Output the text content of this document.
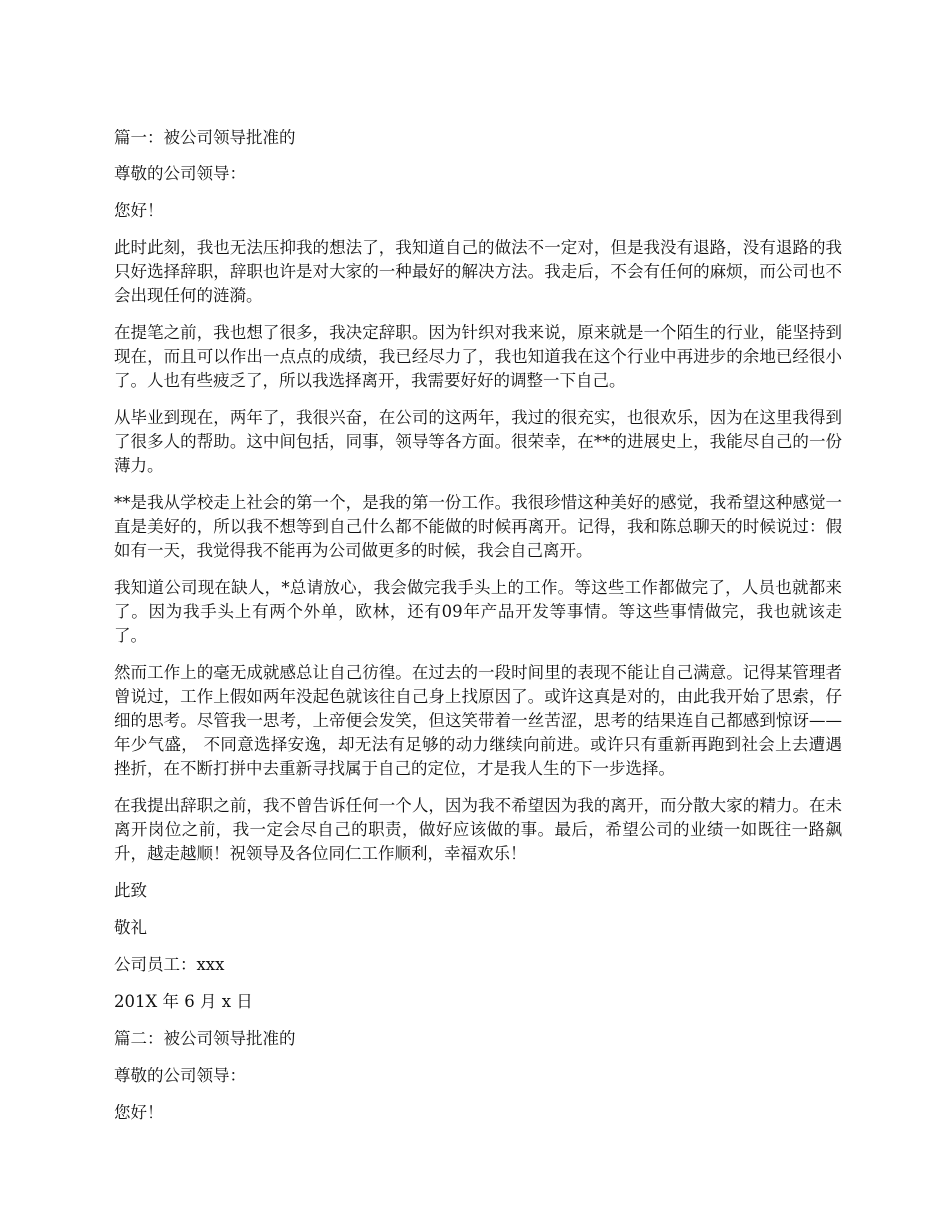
篇一：被公司领导批准的

尊敬的公司领导：

您好！

此时此刻，我也无法压抑我的想法了，我知道自己的做法不一定对，但是我没有退路，没有退路的我只好选择辞职，辞职也许是对大家的一种最好的解决方法。我走后，不会有任何的麻烦，而公司也不会出现任何的涟漪。

在提笔之前，我也想了很多，我决定辞职。因为针织对我来说，原来就是一个陌生的行业，能坚持到现在，而且可以作出一点点的成绩，我已经尽力了，我也知道我在这个行业中再进步的余地已经很小了。人也有些疲乏了，所以我选择离开，我需要好好的调整一下自己。

从毕业到现在，两年了，我很兴奋，在公司的这两年，我过的很充实，也很欢乐，因为在这里我得到了很多人的帮助。这中间包括，同事，领导等各方面。很荣幸，在**的进展史上，我能尽自己的一份薄力。

**是我从学校走上社会的第一个，是我的第一份工作。我很珍惜这种美好的感觉，我希望这种感觉一直是美好的，所以我不想等到自己什么都不能做的时候再离开。记得，我和陈总聊天的时候说过：假如有一天，我觉得我不能再为公司做更多的时候，我会自己离开。

我知道公司现在缺人，*总请放心，我会做完我手头上的工作。等这些工作都做完了，人员也就都来了。因为我手头上有两个外单，欧林，还有09年产品开发等事情。等这些事情做完，我也就该走了。

然而工作上的毫无成就感总让自己彷徨。在过去的一段时间里的表现不能让自己满意。记得某管理者曾说过，工作上假如两年没起色就该往自己身上找原因了。或许这真是对的，由此我开始了思索，仔细的思考。尽管我一思考，上帝便会发笑，但这笑带着一丝苦涩，思考的结果连自己都感到惊讶——年少气盛， 不同意选择安逸，却无法有足够的动力继续向前进。或许只有重新再跑到社会上去遭遇挫折，在不断打拼中去重新寻找属于自己的定位，才是我人生的下一步选择。

在我提出辞职之前，我不曾告诉任何一个人，因为我不希望因为我的离开，而分散大家的精力。在未离开岗位之前，我一定会尽自己的职责，做好应该做的事。最后，希望公司的业绩一如既往一路飙升，越走越顺！祝领导及各位同仁工作顺利，幸福欢乐！

此致

敬礼

公司员工：xxx

201X 年 6 月 x 日

篇二：被公司领导批准的

尊敬的公司领导：

您好！
